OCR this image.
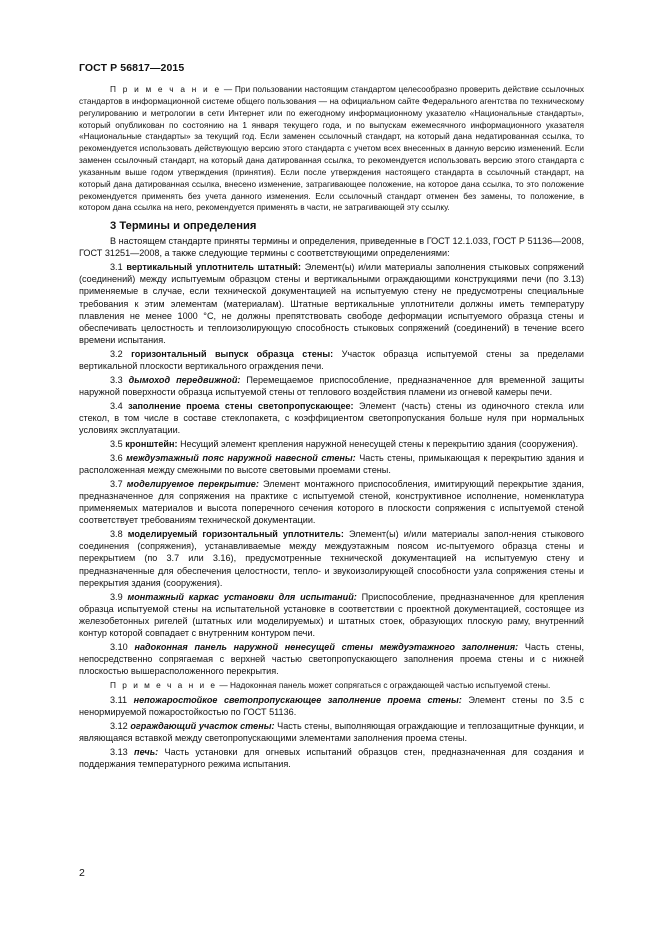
ГОСТ Р 56817—2015

П р и м е ч а н и е — При пользовании настоящим стандартом целесообразно проверить действие ссылочных стандартов в информационной системе общего пользования — на официальном сайте Федерального агентства по техническому регулированию и метрологии в сети Интернет или по ежегодному информационному указателю «Национальные стандарты», который опубликован по состоянию на 1 января текущего года, и по выпускам ежемесячного информационного указателя «Национальные стандарты» за текущий год. Если заменен ссылочный стандарт, на который дана недатированная ссылка, то рекомендуется использовать действующую версию этого стандарта с учетом всех внесенных в данную версию изменений. Если заменен ссылочный стандарт, на который дана датированная ссылка, то рекомендуется использовать версию этого стандарта с указанным выше годом утверждения (принятия). Если после утверждения настоящего стандарта в ссылочный стандарт, на который дана датированная ссылка, внесено изменение, затрагивающее положение, на которое дана ссылка, то это положение рекомендуется применять без учета данного изменения. Если ссылочный стандарт отменен без замены, то положение, в котором дана ссылка на него, рекомендуется применять в части, не затрагивающей эту ссылку.

3 Термины и определения

В настоящем стандарте приняты термины и определения, приведенные в ГОСТ 12.1.033, ГОСТ Р 51136—2008, ГОСТ 31251—2008, а также следующие термины с соответствующими определениями:

3.1 вертикальный уплотнитель штатный: Элемент(ы) и/или материалы заполнения стыковых сопряжений (соединений) между испытуемым образцом стены и вертикальными ограждающими конструкциями печи (по 3.13) применяемые в случае, если технической документацией на испытуемую стену не предусмотрены специальные требования к этим элементам (материалам). Штатные вертикальные уплотнители должны иметь температуру плавления не менее 1000 °С, не должны препятствовать свободе деформации испытуемого образца стены и обеспечивать целостность и теплоизолирующую способность стыковых сопряжений (соединений) в течение всего времени испытания.

3.2 горизонтальный выпуск образца стены: Участок образца испытуемой стены за пределами вертикальной плоскости вертикального ограждения печи.

3.3 дымоход передвижной: Перемещаемое приспособление, предназначенное для временной защиты наружной поверхности образца испытуемой стены от теплового воздействия пламени из огневой камеры печи.

3.4 заполнение проема стены светопропускающее: Элемент (часть) стены из одиночного стекла или стекол, в том числе в составе стеклопакета, с коэффициентом светопропускания больше нуля при нормальных условиях эксплуатации.

3.5 кронштейн: Несущий элемент крепления наружной ненесущей стены к перекрытию здания (сооружения).

3.6 междуэтажный пояс наружной навесной стены: Часть стены, примыкающая к перекрытию здания и расположенная между смежными по высоте световыми проемами стены.

3.7 моделируемое перекрытие: Элемент монтажного приспособления, имитирующий перекрытие здания, предназначенное для сопряжения на практике с испытуемой стеной, конструктивное исполнение, номенклатура применяемых материалов и высота поперечного сечения которого в плоскости сопряжения с испытуемой стеной соответствует требованиям технической документации.

3.8 моделируемый горизонтальный уплотнитель: Элемент(ы) и/или материалы запол-нения стыкового соединения (сопряжения), устанавливаемые между междуэтажным поясом ис-пытуемого образца стены и перекрытием (по 3.7 или 3.16), предусмотренные технической документацией на испытуемую стену и предназначенные для обеспечения целостности, тепло- и звукоизолирующей способности узла сопряжения стены и перекрытия здания (сооружения).

3.9 монтажный каркас установки для испытаний: Приспособление, предназначенное для крепления образца испытуемой стены на испытательной установке в соответствии с проектной документацией, состоящее из железобетонных ригелей (штатных или моделируемых) и штатных стоек, образующих плоскую раму, внутренний контур которой совпадает с внутренним контуром печи.

3.10 надоконная панель наружной ненесущей стены междуэтажного заполнения: Часть стены, непосредственно сопрягаемая с верхней частью светопропускающего заполнения проема стены и с нижней плоскостью вышерасположенного перекрытия.

П р и м е ч а н и е — Надоконная панель может сопрягаться с ограждающей частью испытуемой стены.

3.11 непожаростойкое светопропускающее заполнение проема стены: Элемент стены по 3.5 с ненормируемой пожаростойкостью по ГОСТ 51136.

3.12 ограждающий участок стены: Часть стены, выполняющая ограждающие и теплозащитные функции, и являющаяся вставкой между светопропускающими элементами заполнения проема стены.

3.13 печь: Часть установки для огневых испытаний образцов стен, предназначенная для создания и поддержания температурного режима испытания.

2
